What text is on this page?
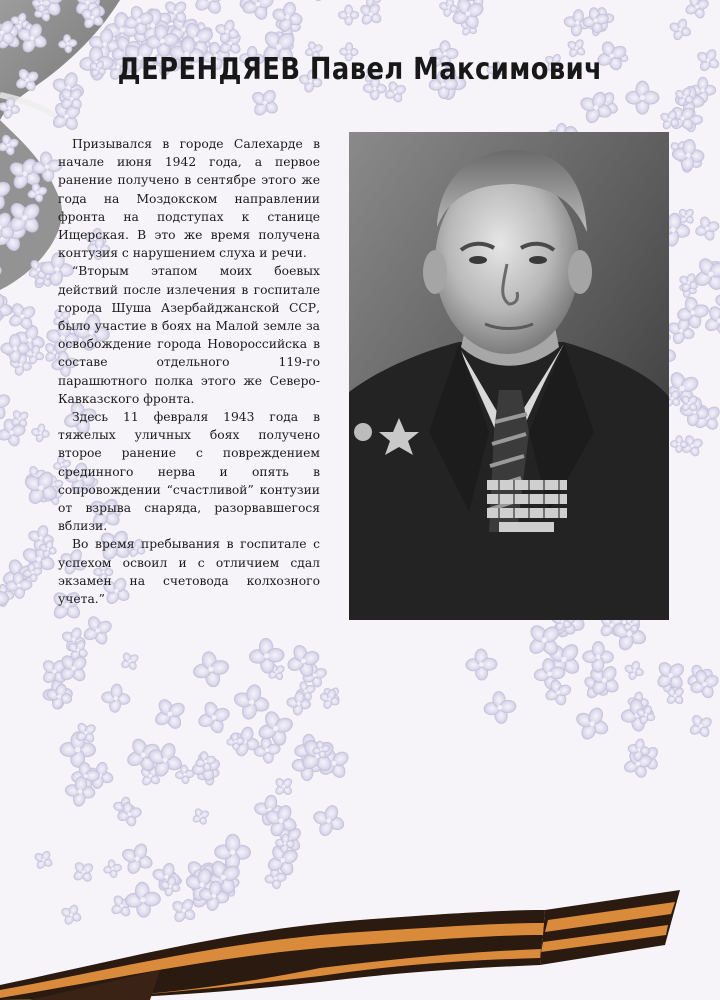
ДЕРЕНДЯЕВ Павел Максимович

Призывался в городе Салехарде в начале июня 1942 года, а первое ранение получено в сентябре этого же года на Моздокском направлении фронта на подступах к станице Ищерская. В это же время получена контузия с нарушением слуха и речи.

“Вторым этапом моих боевых действий после излечения в госпитале города Шуша Азербайджанской ССР, было участие в боях на Малой земле за освобождение города Новороссийска в составе отдельного 119-го парашютного полка этого же Северо-Кавказского фронта.

Здесь 11 февраля 1943 года в тяжелых уличных боях получено второе ранение с повреждением срединного нерва и опять в сопровождении “счастливой” контузии от взрыва снаряда, разорвавшегося вблизи.

Во время пребывания в госпитале с успехом освоил и с отличием сдал экзамен на счетовода колхозного учета.”
